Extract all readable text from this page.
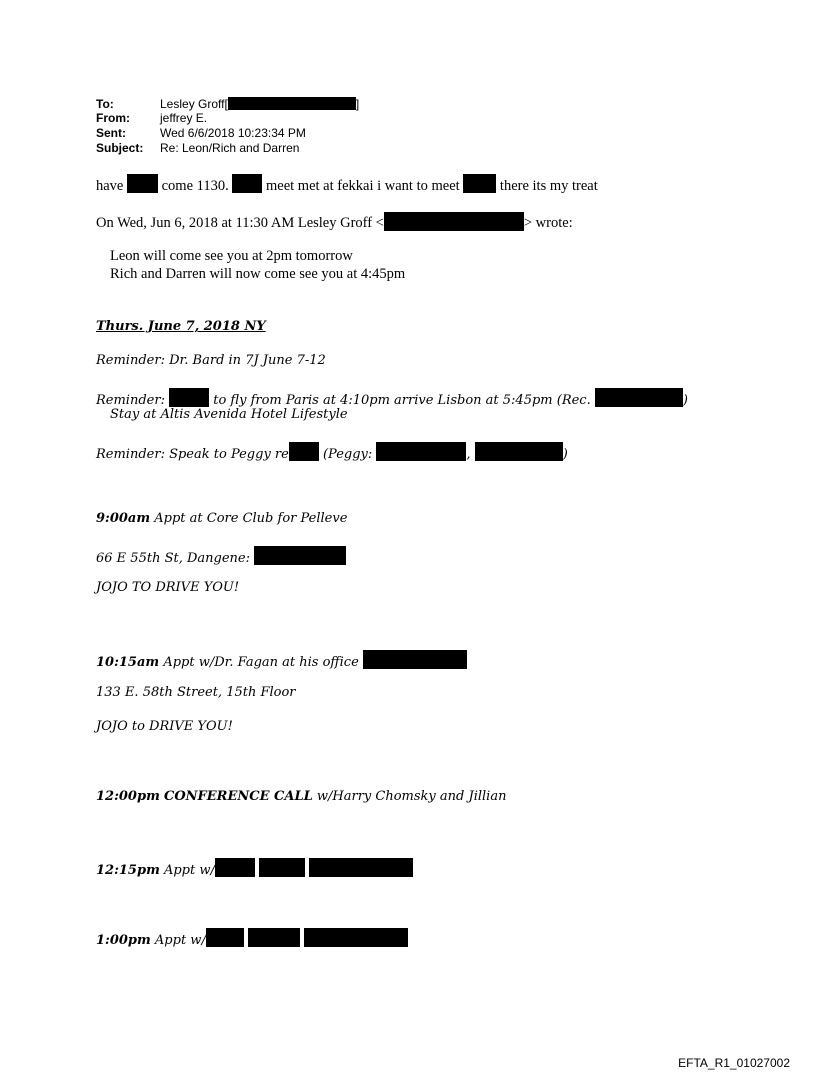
To:	Lesley Groff[	]
From:	jeffrey E.
Sent:	Wed 6/6/2018 10:23:34 PM
Subject: Re: Leon/Rich and Darren
have	come 1130.	meet met at fekkai i want to meet	there its my treat
On Wed, Jun 6, 2018 at 11:30 AM Lesley Groff <	> wrote:
Leon will come see you at 2pm tomorrow
Rich and Darren will now come see you at 4:45pm
Thurs. June 7, 2018 NY
Reminder: Dr. Bard in 7J June 7-12
Reminder:	to fly from Paris at 4:10pm arrive Lisbon at 5:45pm (Rec.	)
Stay at Altis Avenida Hotel Lifestyle
Reminder: Speak to Peggy re	(Peggy:	,	)
9:00am Appt at Core Club for Pelleve
66 E 55th St, Dangene:
JOJO TO DRIVE YOU!
10:15am Appt w/Dr. Fagan at his office
133 E. 58th Street, 15th Floor
JOJO to DRIVE YOU!
12:00pm CONFERENCE CALL w/Harry Chomsky and Jillian
12:15pm Appt w/
1:00pm Appt w/
EFTA_R1_01027002
